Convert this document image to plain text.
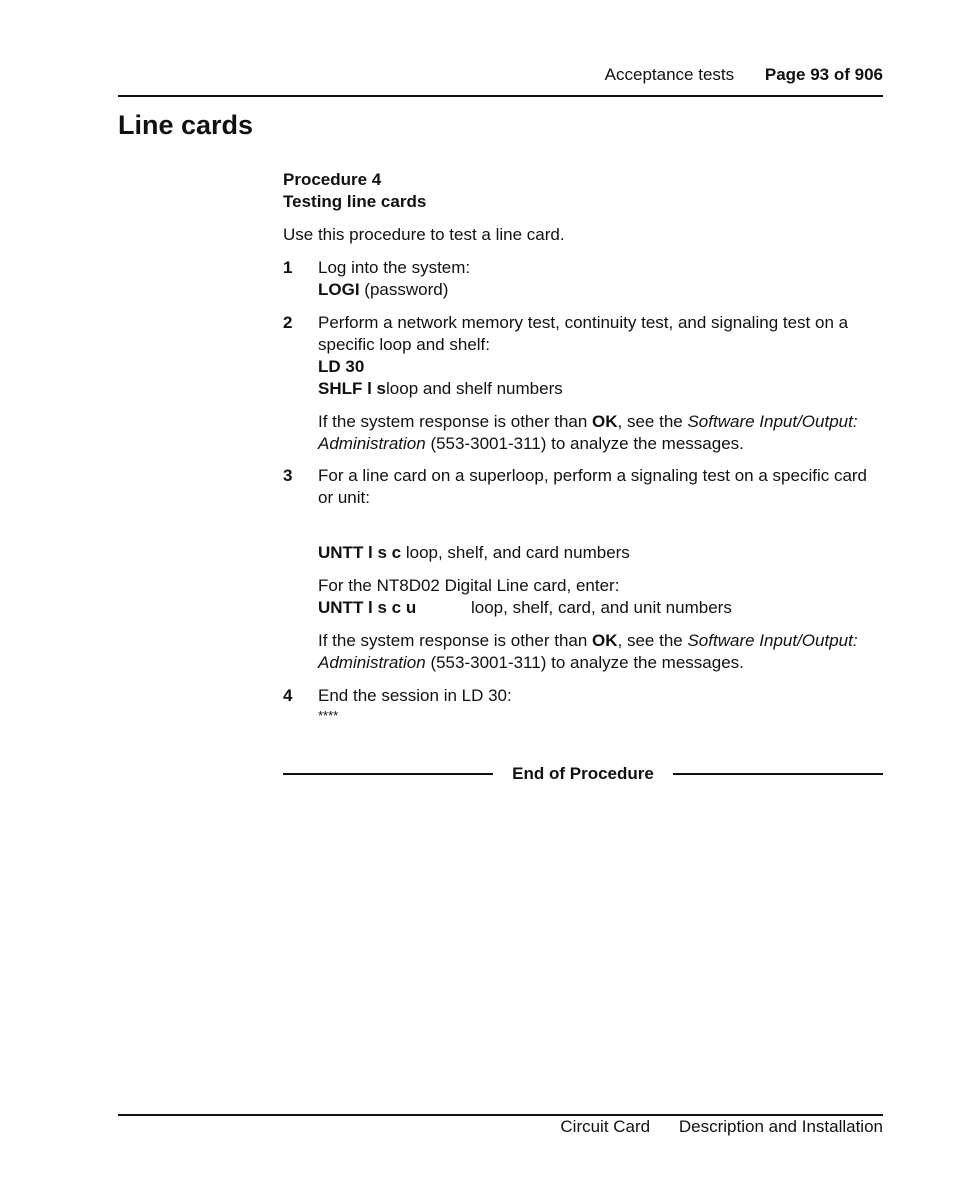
Acceptance tests Page 93 of 906
Line cards
Procedure 4
Testing line cards
Use this procedure to test a line card.
1 Log into the system:
LOGI (password)
2 Perform a network memory test, continuity test, and signaling test on a specific loop and shelf:
LD 30
SHLF l sloop and shelf numbers
If the system response is other than OK, see the Software Input/Output: Administration (553-3001-311) to analyze the messages.
3 For a line card on a superloop, perform a signaling test on a specific card or unit:
UNTT l s c loop, shelf, and card numbers
For the NT8D02 Digital Line card, enter:
UNTT l s c u	loop, shelf, card, and unit numbers
If the system response is other than OK, see the Software Input/Output: Administration (553-3001-311) to analyze the messages.
4 End the session in LD 30:
****
End of Procedure
Circuit Card Description and Installation
